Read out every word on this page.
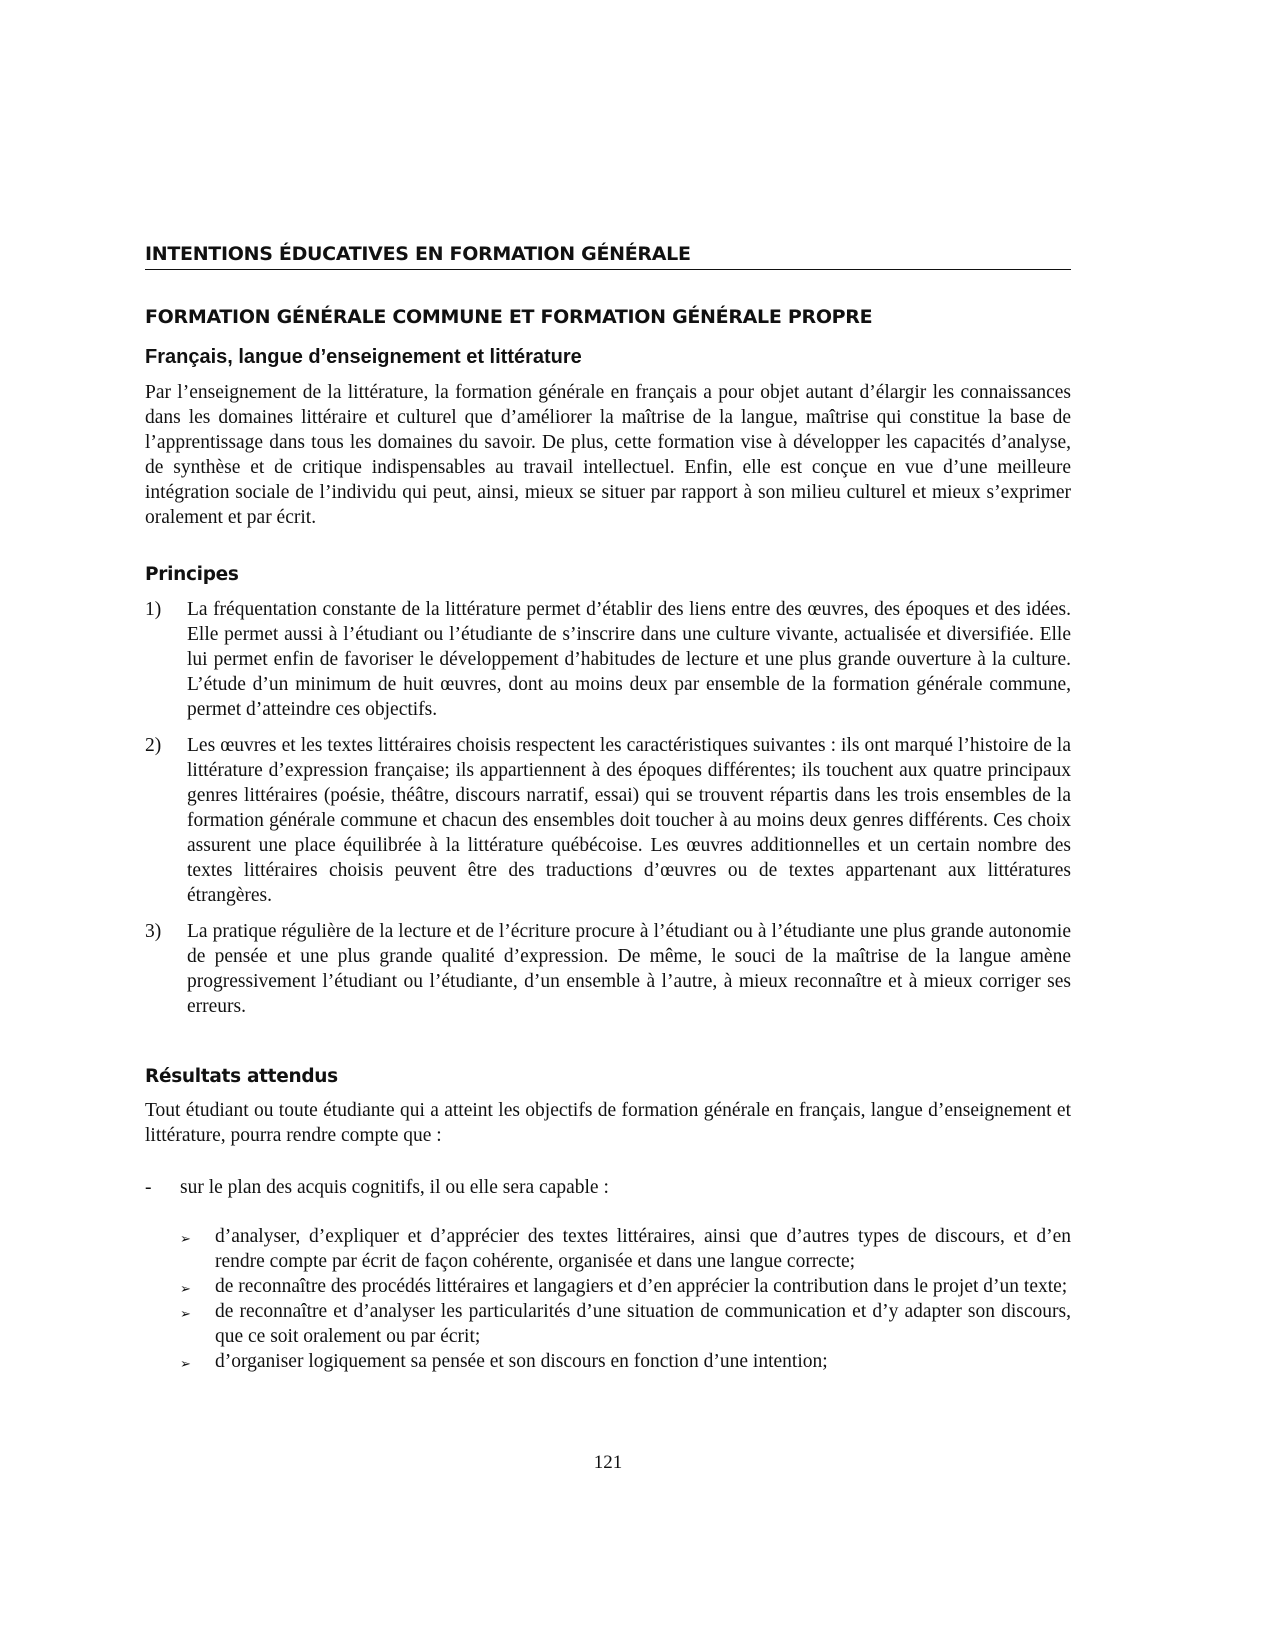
INTENTIONS ÉDUCATIVES EN FORMATION GÉNÉRALE
FORMATION GÉNÉRALE COMMUNE ET FORMATION GÉNÉRALE PROPRE
Français, langue d’enseignement et littérature

Par l’enseignement de la littérature, la formation générale en français a pour objet autant d’élargir les connaissances dans les domaines littéraire et culturel que d’améliorer la maîtrise de la langue, maîtrise qui constitue la base de l’apprentissage dans tous les domaines du savoir. De plus, cette formation vise à développer les capacités d’analyse, de synthèse et de critique indispensables au travail intellectuel. Enfin, elle est conçue en vue d’une meilleure intégration sociale de l’individu qui peut, ainsi, mieux se situer par rapport à son milieu culturel et mieux s’exprimer oralement et par écrit.

Principes
1) La fréquentation constante de la littérature permet d’établir des liens entre des œuvres, des époques et des idées. Elle permet aussi à l’étudiant ou l’étudiante de s’inscrire dans une culture vivante, actualisée et diversifiée. Elle lui permet enfin de favoriser le développement d’habitudes de lecture et une plus grande ouverture à la culture. L’étude d’un minimum de huit œuvres, dont au moins deux par ensemble de la formation générale commune, permet d’atteindre ces objectifs.
2) Les œuvres et les textes littéraires choisis respectent les caractéristiques suivantes : ils ont marqué l’histoire de la littérature d’expression française; ils appartiennent à des époques différentes; ils touchent aux quatre principaux genres littéraires (poésie, théâtre, discours narratif, essai) qui se trouvent répartis dans les trois ensembles de la formation générale commune et chacun des ensembles doit toucher à au moins deux genres différents. Ces choix assurent une place équilibrée à la littérature québécoise. Les œuvres additionnelles et un certain nombre des textes littéraires choisis peuvent être des traductions d’œuvres ou de textes appartenant aux littératures étrangères.
3) La pratique régulière de la lecture et de l’écriture procure à l’étudiant ou à l’étudiante une plus grande autonomie de pensée et une plus grande qualité d’expression. De même, le souci de la maîtrise de la langue amène progressivement l’étudiant ou l’étudiante, d’un ensemble à l’autre, à mieux reconnaître et à mieux corriger ses erreurs.
Résultats attendus

Tout étudiant ou toute étudiante qui a atteint les objectifs de formation générale en français, langue d’enseignement et littérature, pourra rendre compte que :

- sur le plan des acquis cognitifs, il ou elle sera capable :
➢ d’analyser, d’expliquer et d’apprécier des textes littéraires, ainsi que d’autres types de discours, et d’en rendre compte par écrit de façon cohérente, organisée et dans une langue correcte;
➢ de reconnaître des procédés littéraires et langagiers et d’en apprécier la contribution dans le projet d’un texte;
➢ de reconnaître et d’analyser les particularités d’une situation de communication et d’y adapter son discours, que ce soit oralement ou par écrit;
➢ d’organiser logiquement sa pensée et son discours en fonction d’une intention;
121
